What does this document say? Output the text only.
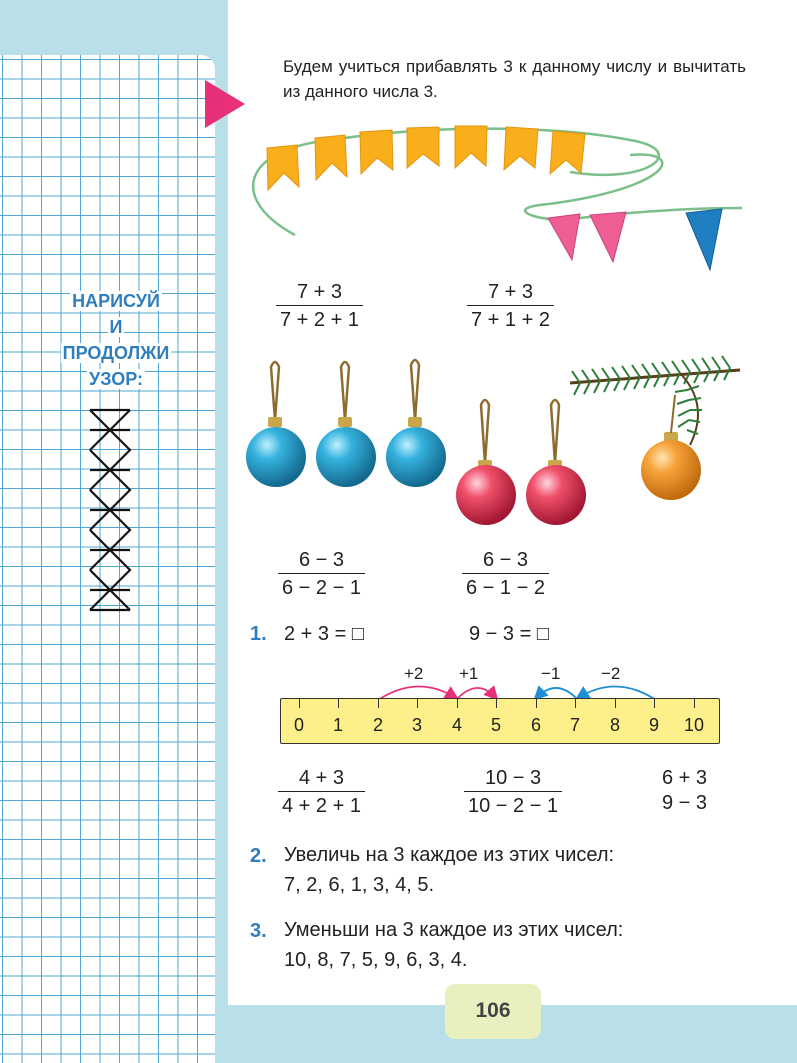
НАРИСУЙ
И
ПРОДОЛЖИ
УЗОР:
Будем учиться прибавлять 3 к данному числу и вычитать из данного числа 3.
$\frac{7 + 3}{7 + 2 + 1}$	$\frac{7 + 3}{7 + 1 + 2}$
$\frac{6 - 3}{6 - 2 - 1}$	$\frac{6 - 3}{6 - 1 - 2}$
1. 2 + 3 = □	9 − 3 = □
+2 +1	−1 −2
0	1	2	3	4	5	6	7	8	9	10
$\frac{4 + 3}{4 + 2 + 1}$	$\frac{10 - 3}{10 - 2 - 1}$	6 + 3
9 − 3
2. Увеличь на 3 каждое из этих чисел:
7, 2, 6, 1, 3, 4, 5.
3. Уменьши на 3 каждое из этих чисел:
10, 8, 7, 5, 9, 6, 3, 4.
106
